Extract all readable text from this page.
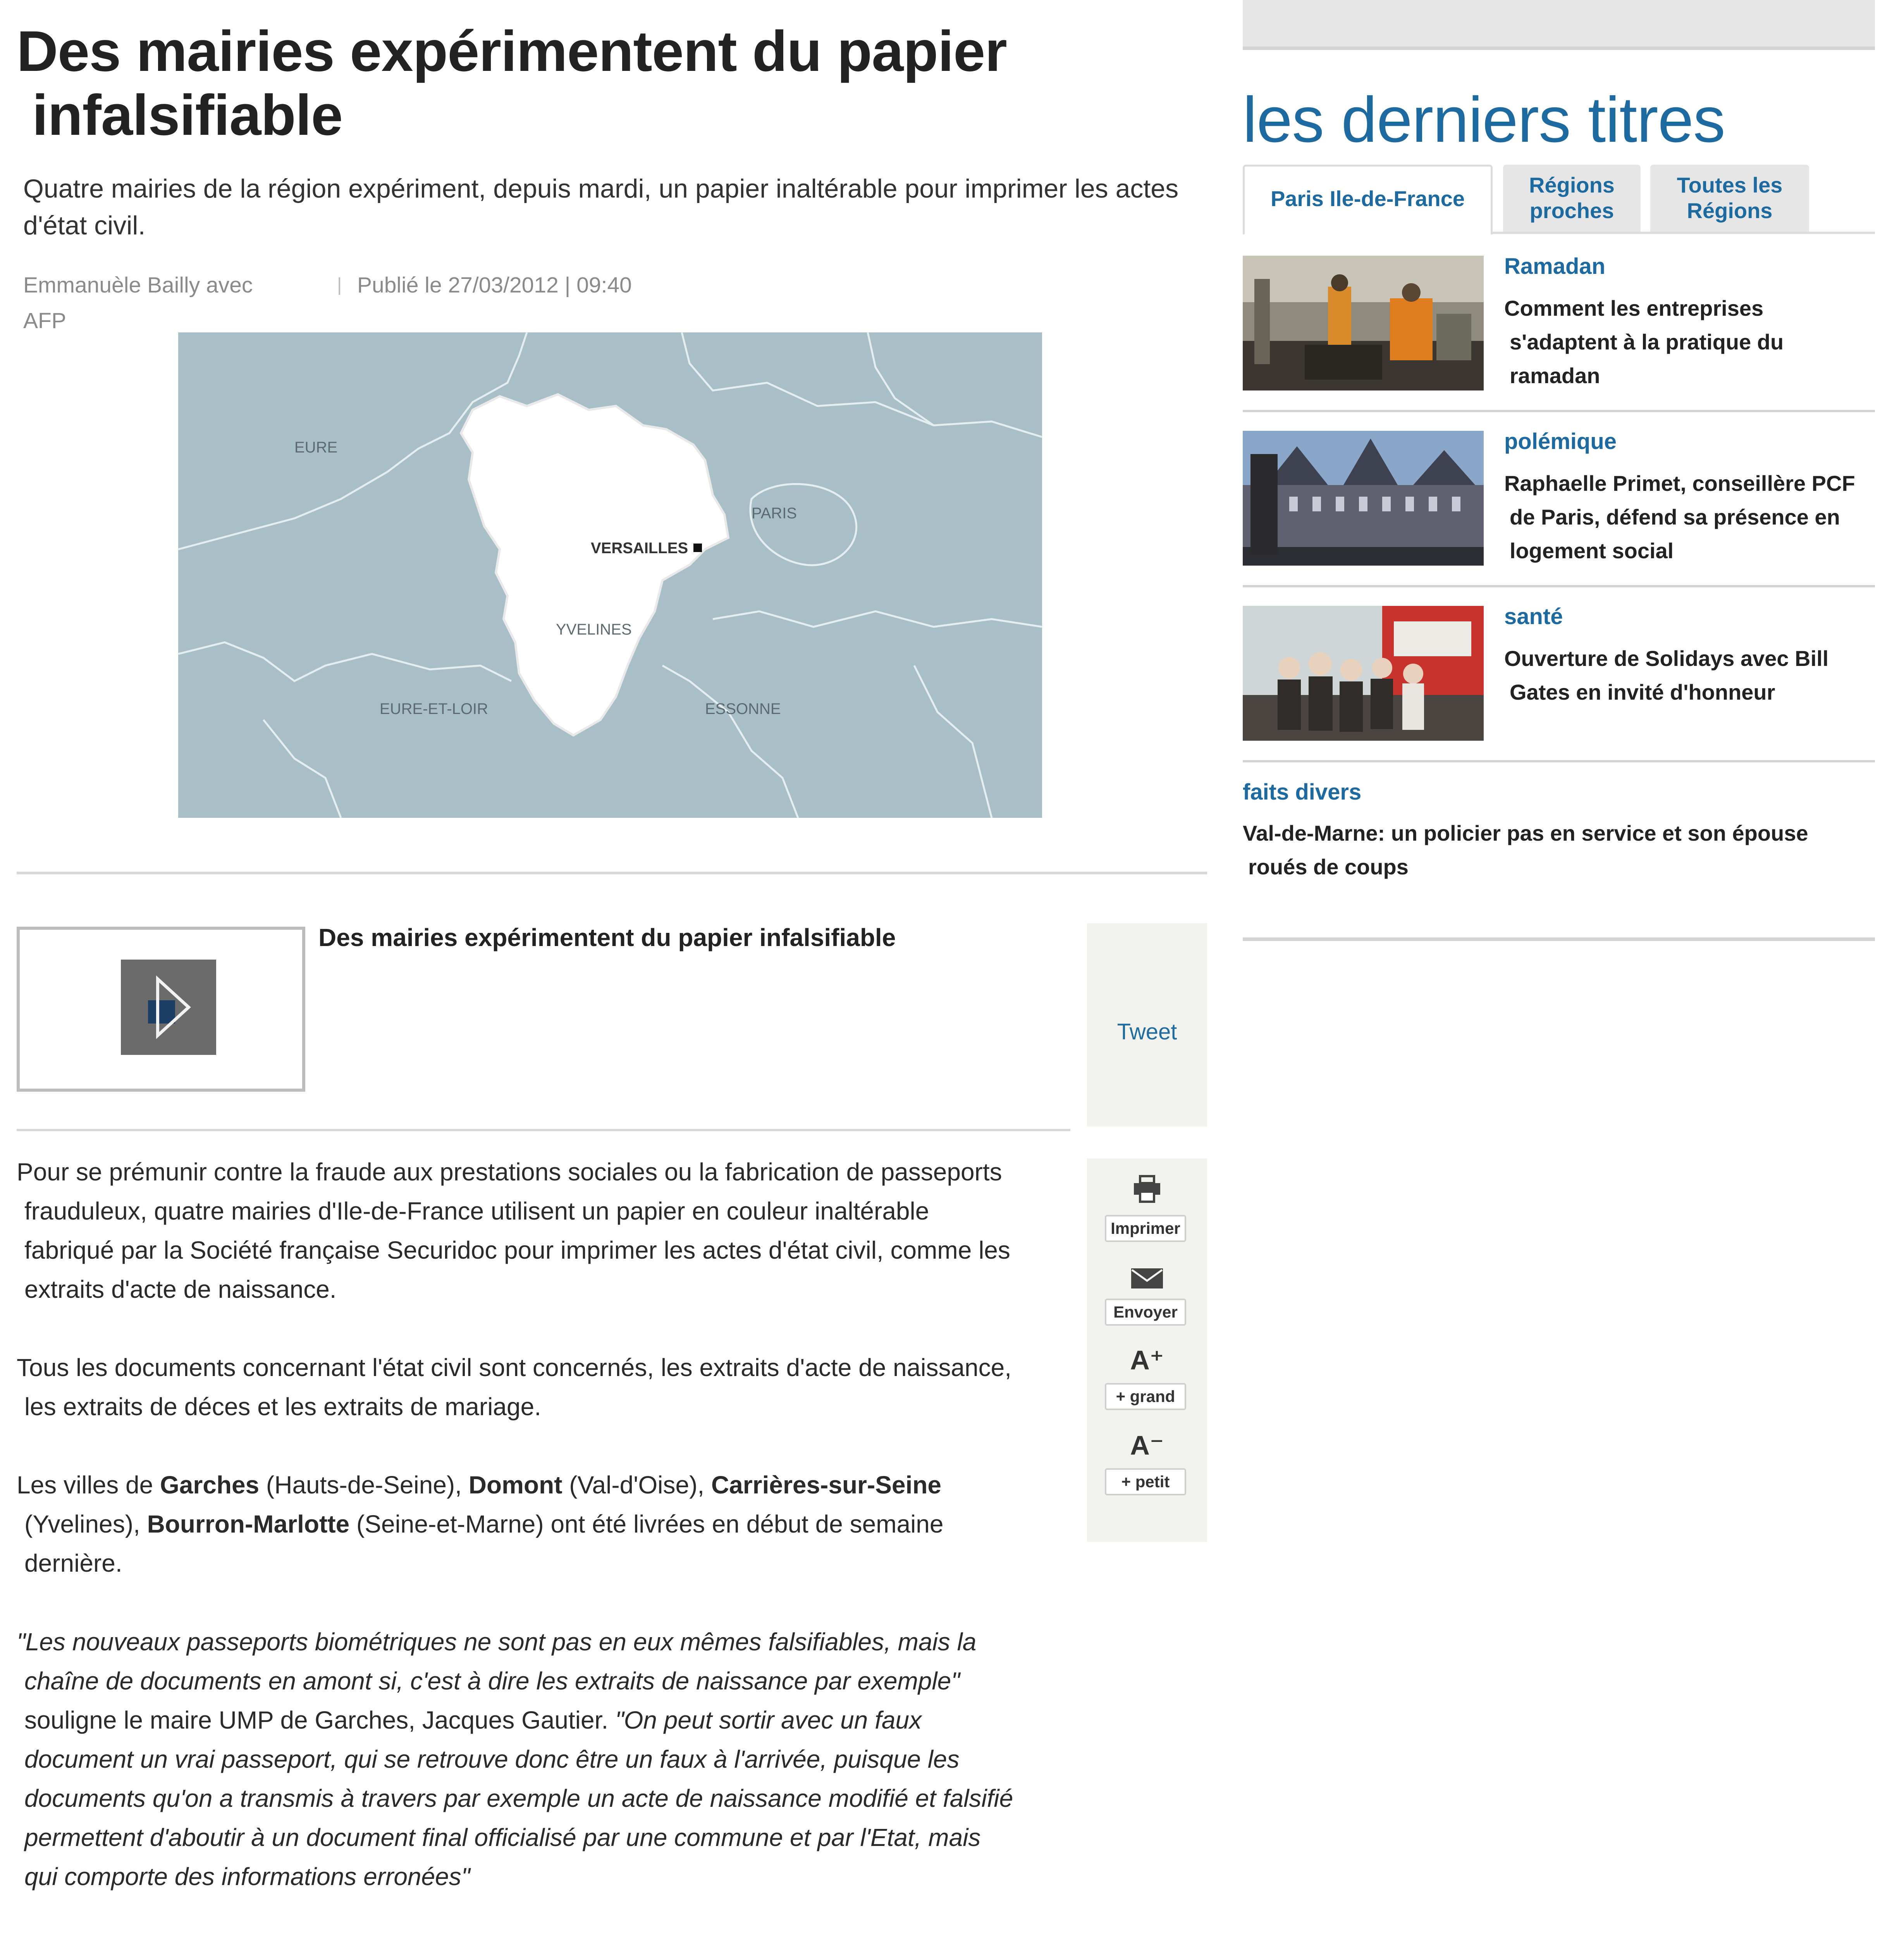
Des mairies expérimentent du papier
infalsifiable

Quatre mairies de la région expériment, depuis mardi, un papier inaltérable pour imprimer les actes
d'état civil.

Emmanuèle Bailly avec
AFP
| Publié le 27/03/2012 | 09:40
EURE
PARIS
VERSAILLES
YVELINES
EURE-ET-LOIR	ESSONNE
Des mairies expérimentent du papier infalsifiable
Tweet
Imprimer
Envoyer
A⁺
+ grand
A⁻
+ petit

Pour se prémunir contre la fraude aux prestations sociales ou la fabrication de passeports
frauduleux, quatre mairies d'Ile-de-France utilisent un papier en couleur inaltérable
fabriqué par la Société française Securidoc pour imprimer les actes d'état civil, comme les
extraits d'acte de naissance.

Tous les documents concernant l'état civil sont concernés, les extraits d'acte de naissance,
les extraits de déces et les extraits de mariage.

Les villes de Garches (Hauts-de-Seine), Domont (Val-d'Oise), Carrières-sur-Seine
(Yvelines), Bourron-Marlotte (Seine-et-Marne) ont été livrées en début de semaine
dernière.

"Les nouveaux passeports biométriques ne sont pas en eux mêmes falsifiables, mais la
chaîne de documents en amont si, c'est à dire les extraits de naissance par exemple"
souligne le maire UMP de Garches, Jacques Gautier. "On peut sortir avec un faux
document un vrai passeport, qui se retrouve donc être un faux à l'arrivée, puisque les
documents qu'on a transmis à travers par exemple un acte de naissance modifié et falsifié
permettent d'aboutir à un document final officialisé par une commune et par l'Etat, mais
qui comporte des informations erronées"

les derniers titres
Paris Ile-de-France
Régions
proches
Toutes les
Régions
Ramadan

Comment les entreprises
s'adaptent à la pratique du
ramadan

polémique

Raphaelle Primet, conseillère PCF
de Paris, défend sa présence en
logement social

santé

Ouverture de Solidays avec Bill
Gates en invité d'honneur

faits divers

Val-de-Marne: un policier pas en service et son épouse
roués de coups
